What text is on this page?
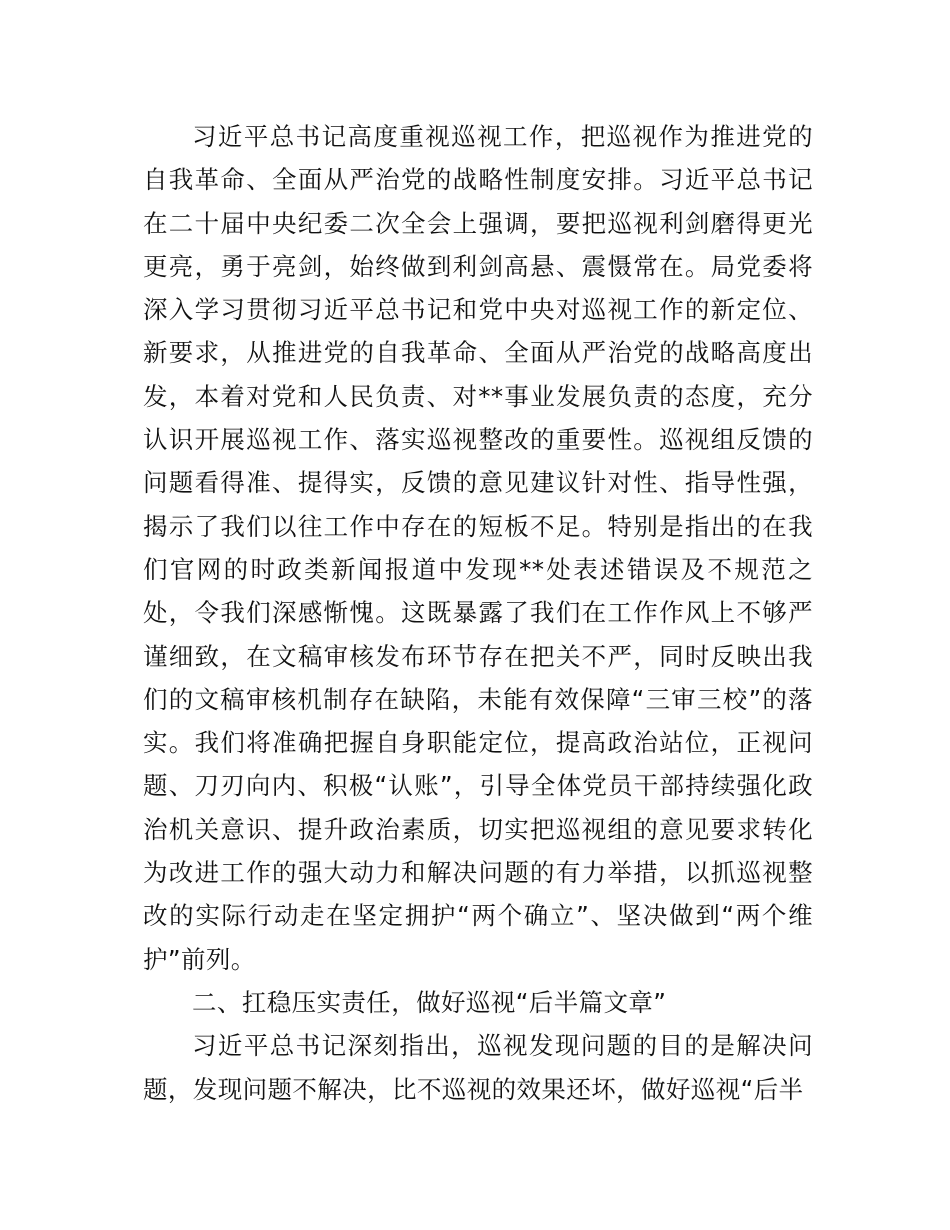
习近平总书记高度重视巡视工作，把巡视作为推进党的自我革命、全面从严治党的战略性制度安排。习近平总书记在二十届中央纪委二次全会上强调，要把巡视利剑磨得更光更亮，勇于亮剑，始终做到利剑高悬、震慑常在。局党委将深入学习贯彻习近平总书记和党中央对巡视工作的新定位、新要求，从推进党的自我革命、全面从严治党的战略高度出发，本着对党和人民负责、对**事业发展负责的态度，充分认识开展巡视工作、落实巡视整改的重要性。巡视组反馈的问题看得准、提得实，反馈的意见建议针对性、指导性强，揭示了我们以往工作中存在的短板不足。特别是指出的在我们官网的时政类新闻报道中发现**处表述错误及不规范之处，令我们深感惭愧。这既暴露了我们在工作作风上不够严谨细致，在文稿审核发布环节存在把关不严，同时反映出我们的文稿审核机制存在缺陷，未能有效保障“三审三校”的落实。我们将准确把握自身职能定位，提高政治站位，正视问题、刀刃向内、积极“认账”，引导全体党员干部持续强化政治机关意识、提升政治素质，切实把巡视组的意见要求转化为改进工作的强大动力和解决问题的有力举措，以抓巡视整改的实际行动走在坚定拥护“两个确立”、坚决做到“两个维护”前列。

二、扛稳压实责任，做好巡视“后半篇文章”

习近平总书记深刻指出，巡视发现问题的目的是解决问题，发现问题不解决，比不巡视的效果还坏，做好巡视“后半
